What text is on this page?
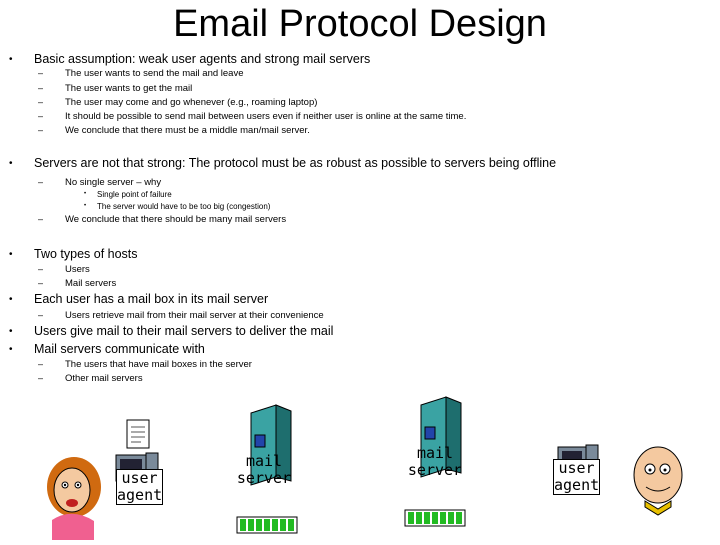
Email Protocol Design
•
•
•
•
•
•
Basic assumption: weak user agents and strong mail servers
Servers are not that strong: The protocol must be as robust as possible to servers being offline
Two types of hosts
Each user has a mail box in its mail server
Users give mail to their mail servers to deliver the mail
Mail servers communicate with
–
–
–
–
–
–
–
–
–
–
–
–
The user wants to send the mail and leave
The user wants to get the mail
The user may come and go whenever (e.g., roaming laptop)
It should be possible to send mail between users even if neither user is online at the same time.
We conclude that there must be a middle man/mail server.
No single server – why
We conclude that there should be many mail servers
Users
Mail servers
Users retrieve mail from their mail server at their convenience
The users that have mail boxes in the server
Other mail servers
•
•
Single point of failure
The server would have to be too big (congestion)
user
agent
mail
server
mail
server	user
agent
